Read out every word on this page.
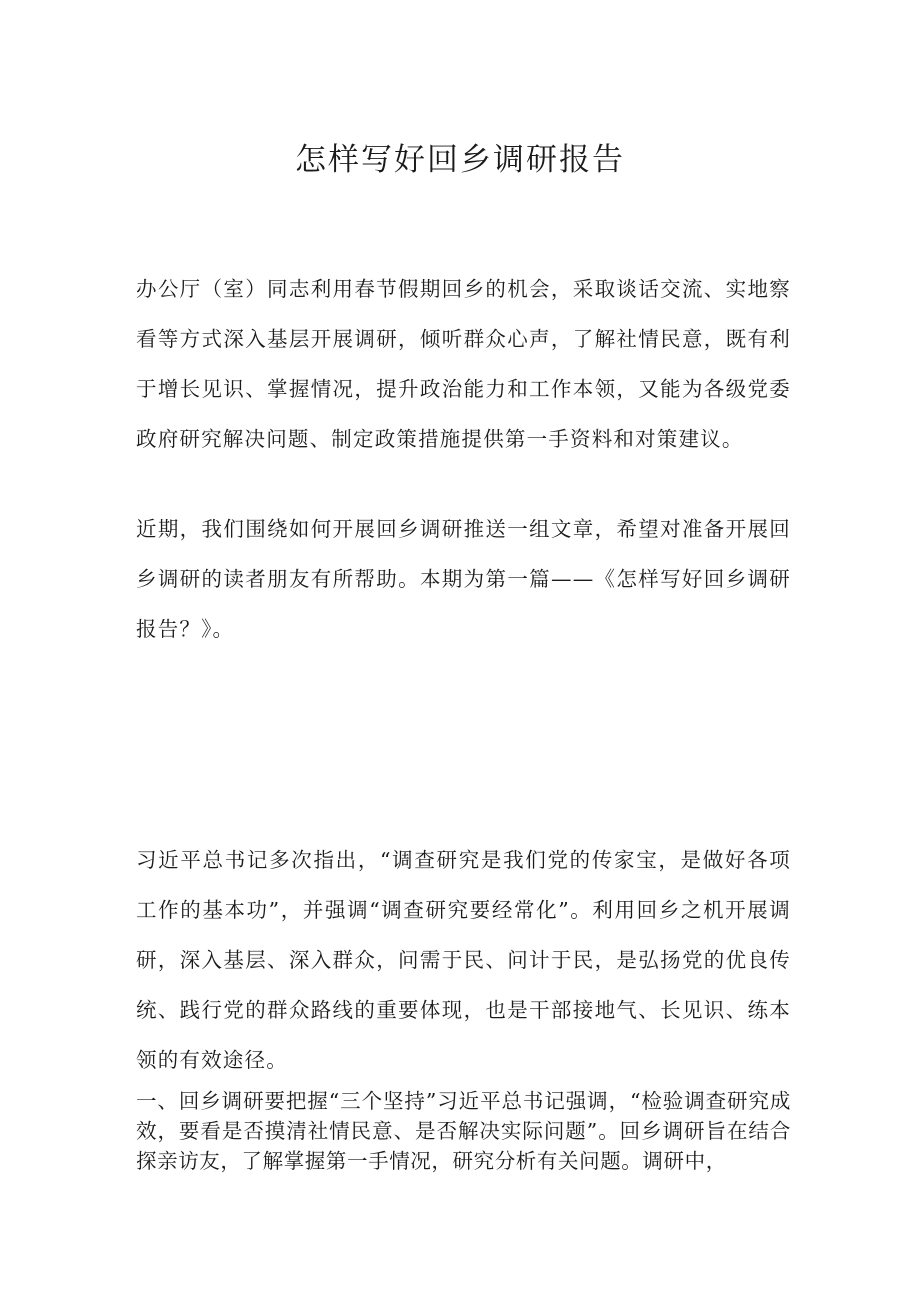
怎样写好回乡调研报告

办公厅（室）同志利用春节假期回乡的机会，采取谈话交流、实地察看等方式深入基层开展调研，倾听群众心声，了解社情民意，既有利于增长见识、掌握情况，提升政治能力和工作本领，又能为各级党委政府研究解决问题、制定政策措施提供第一手资料和对策建议。

近期，我们围绕如何开展回乡调研推送一组文章，希望对准备开展回乡调研的读者朋友有所帮助。本期为第一篇——《怎样写好回乡调研报告？》。

习近平总书记多次指出，“调查研究是我们党的传家宝，是做好各项工作的基本功”，并强调“调查研究要经常化”。利用回乡之机开展调研，深入基层、深入群众，问需于民、问计于民，是弘扬党的优良传统、践行党的群众路线的重要体现，也是干部接地气、长见识、练本领的有效途径。

一、回乡调研要把握“三个坚持”习近平总书记强调，“检验调查研究成效，要看是否摸清社情民意、是否解决实际问题”。回乡调研旨在结合探亲访友，了解掌握第一手情况，研究分析有关问题。调研中，
